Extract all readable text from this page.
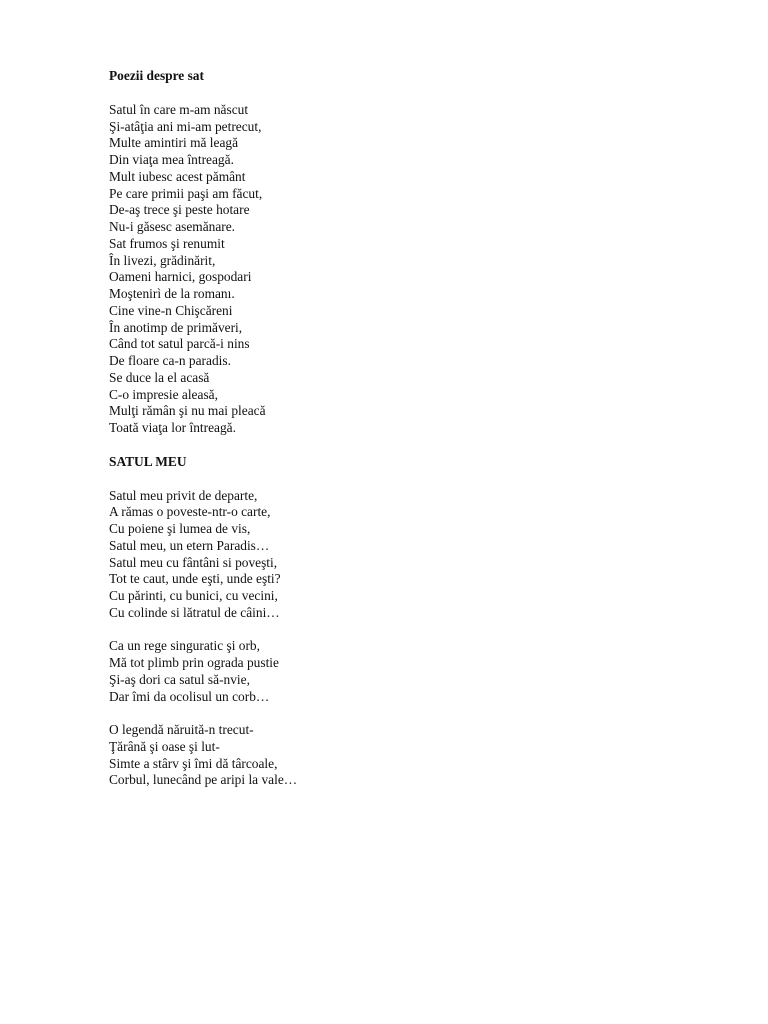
Poezii despre sat

Satul în care m-am născut
Şi-atâţia ani mi-am petrecut,
Multe amintiri mă leagă
Din viaţa mea întreagă.
Mult iubesc acest pământ
Pe care primii paşi am făcut,
De-aş trece şi peste hotare
Nu-i găsesc asemănare.
Sat frumos şi renumit
În livezi, grădinărit,
Oameni harnici, gospodari
Moştenirì de la romanı.
Cine vine-n Chişcăreni
În anotimp de primăveri,
Când tot satul parcă-i nins
De floare ca-n paradis.
Se duce la el acasă
C-o impresie aleasă,
Mulţi rămân şi nu mai pleacă
Toată viaţa lor întreagă.

SATUL MEU

Satul meu privit de departe,
A rămas o poveste-ntr-o carte,
Cu poiene şi lumea de vis,
Satul meu, un etern Paradis…
Satul meu cu fântâni si poveşti,
Tot te caut, unde eşti, unde eşti?
Cu părinti, cu bunici, cu vecini,
Cu colinde si lătratul de câini…
Ca un rege singuratic şi orb,
Mă tot plimb prin ograda pustie
Şi-aş dori ca satul să-nvie,
Dar îmi da ocolisul un corb…
O legendă năruită-n trecut-
Ţărână şi oase şi lut-
Simte a stârv şi îmi dă târcoale,
Corbul, lunecând pe aripi la vale…
